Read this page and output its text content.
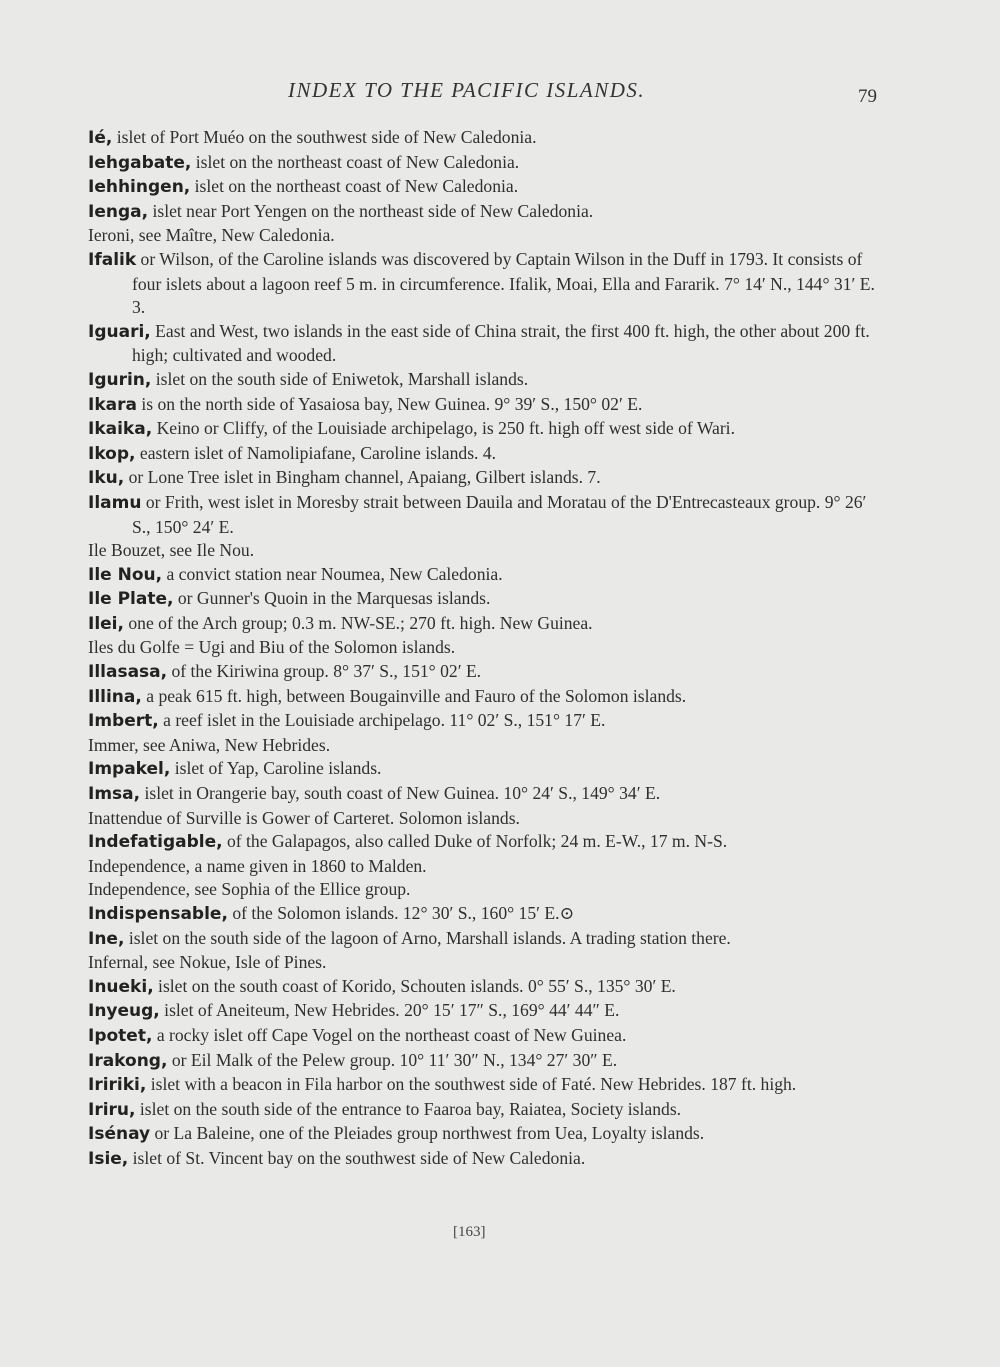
INDEX TO THE PACIFIC ISLANDS.	79
Ié, islet of Port Muéo on the southwest side of New Caledonia.
Iehgabate, islet on the northeast coast of New Caledonia.
Iehhingen, islet on the northeast coast of New Caledonia.
Ienga, islet near Port Yengen on the northeast side of New Caledonia.
Ieroni, see Maître, New Caledonia.
Ifalik or Wilson, of the Caroline islands was discovered by Captain Wilson in the Duff in 1793. It consists of four islets about a lagoon reef 5 m. in circumference. Ifalik, Moai, Ella and Fararik. 7° 14′ N., 144° 31′ E. 3.
Iguari, East and West, two islands in the east side of China strait, the first 400 ft. high, the other about 200 ft. high; cultivated and wooded.
Igurin, islet on the south side of Eniwetok, Marshall islands.
Ikara is on the north side of Yasaiosa bay, New Guinea. 9° 39′ S., 150° 02′ E.
Ikaika, Keino or Cliffy, of the Louisiade archipelago, is 250 ft. high off west side of Wari.
Ikop, eastern islet of Namolipiafane, Caroline islands. 4.
Iku, or Lone Tree islet in Bingham channel, Apaiang, Gilbert islands. 7.
Ilamu or Frith, west islet in Moresby strait between Dauila and Moratau of the D'Entrecasteaux group. 9° 26′ S., 150° 24′ E.
Ile Bouzet, see Ile Nou.
Ile Nou, a convict station near Noumea, New Caledonia.
Ile Plate, or Gunner's Quoin in the Marquesas islands.
Ilei, one of the Arch group; 0.3 m. NW-SE.; 270 ft. high. New Guinea.
Iles du Golfe = Ugi and Biu of the Solomon islands.
Illasasa, of the Kiriwina group. 8° 37′ S., 151° 02′ E.
Illina, a peak 615 ft. high, between Bougainville and Fauro of the Solomon islands.
Imbert, a reef islet in the Louisiade archipelago. 11° 02′ S., 151° 17′ E.
Immer, see Aniwa, New Hebrides.
Impakel, islet of Yap, Caroline islands.
Imsa, islet in Orangerie bay, south coast of New Guinea. 10° 24′ S., 149° 34′ E.
Inattendue of Surville is Gower of Carteret. Solomon islands.
Indefatigable, of the Galapagos, also called Duke of Norfolk; 24 m. E-W., 17 m. N-S.
Independence, a name given in 1860 to Malden.
Independence, see Sophia of the Ellice group.
Indispensable, of the Solomon islands. 12° 30′ S., 160° 15′ E.⊙
Ine, islet on the south side of the lagoon of Arno, Marshall islands. A trading station there.
Infernal, see Nokue, Isle of Pines.
Inueki, islet on the south coast of Korido, Schouten islands. 0° 55′ S., 135° 30′ E.
Inyeug, islet of Aneiteum, New Hebrides. 20° 15′ 17″ S., 169° 44′ 44″ E.
Ipotet, a rocky islet off Cape Vogel on the northeast coast of New Guinea.
Irakong, or Eil Malk of the Pelew group. 10° 11′ 30″ N., 134° 27′ 30″ E.
Iririki, islet with a beacon in Fila harbor on the southwest side of Faté. New Hebrides. 187 ft. high.
Iriru, islet on the south side of the entrance to Faaroa bay, Raiatea, Society islands.
Isénay or La Baleine, one of the Pleiades group northwest from Uea, Loyalty islands.
Isie, islet of St. Vincent bay on the southwest side of New Caledonia.
[163]
